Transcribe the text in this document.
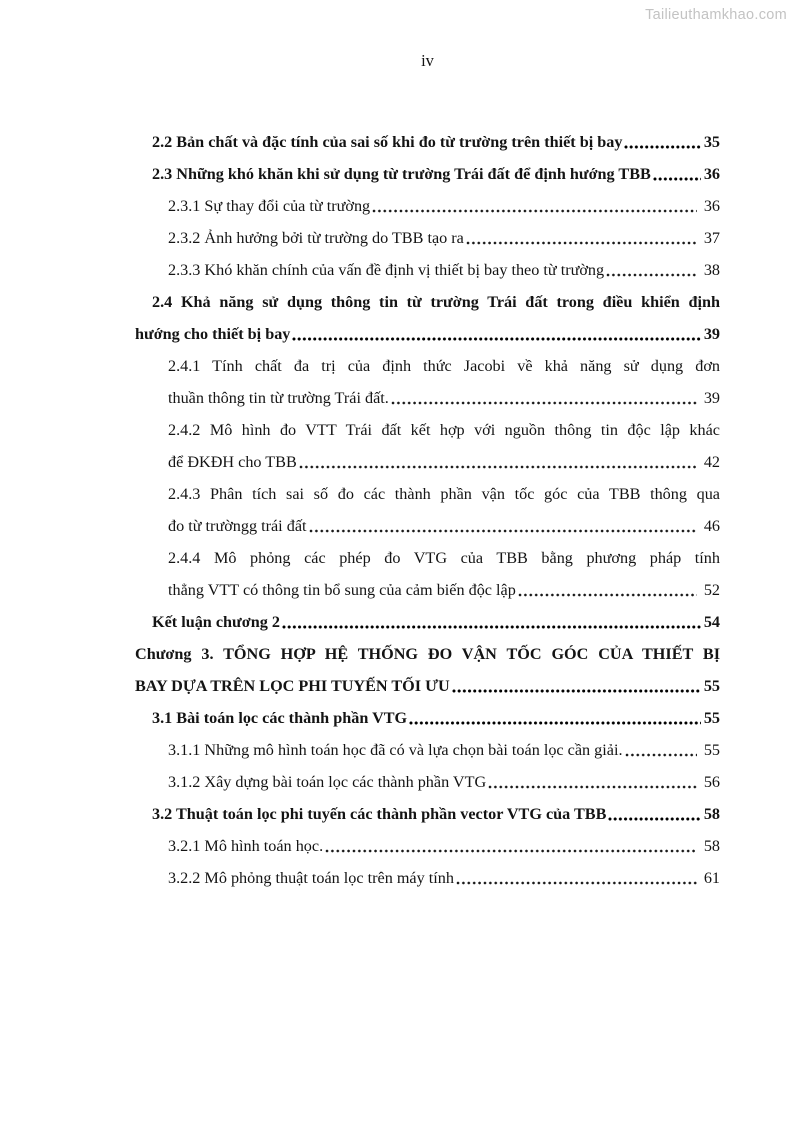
Tailieuthamkhao.com
iv
2.2 Bản chất và đặc tính của sai số khi đo từ trường trên thiết bị bay	35
2.3 Những khó khăn khi sử dụng từ trường Trái đất để định hướng TBB	36
2.3.1 Sự thay đổi của từ trường	36
2.3.2 Ảnh hưởng bởi từ trường do TBB tạo ra	37
2.3.3 Khó khăn chính của vấn đề định vị thiết bị bay theo từ trường	38
2.4 Khả năng sử dụng thông tin từ trường Trái đất trong điều khiển định
hướng cho thiết bị bay	39
2.4.1 Tính chất đa trị của định thức Jacobi về khả năng sử dụng đơn
thuần thông tin từ trường Trái đất.	39
2.4.2 Mô hình đo VTT Trái đất kết hợp với nguồn thông tin độc lập khác
để ĐKĐH cho TBB	42
2.4.3 Phân tích sai số đo các thành phần vận tốc góc của TBB thông qua
đo từ trườngg trái đất	46
2.4.4 Mô phỏng các phép đo VTG của TBB bằng phương pháp tính
thẳng VTT có thông tin bổ sung của cảm biến độc lập	52
Kết luận chương 2	54
Chương 3. TỔNG HỢP HỆ THỐNG ĐO VẬN TỐC GÓC CỦA THIẾT BỊ
BAY DỰA TRÊN LỌC PHI TUYẾN TỐI ƯU	55
3.1 Bài toán lọc các thành phần VTG	55
3.1.1 Những mô hình toán học đã có và lựa chọn bài toán lọc cần giải.	55
3.1.2 Xây dựng bài toán lọc các thành phần VTG	56
3.2 Thuật toán lọc phi tuyến các thành phần vector VTG của TBB	58
3.2.1 Mô hình toán học.	58
3.2.2 Mô phỏng thuật toán lọc trên máy tính	61
